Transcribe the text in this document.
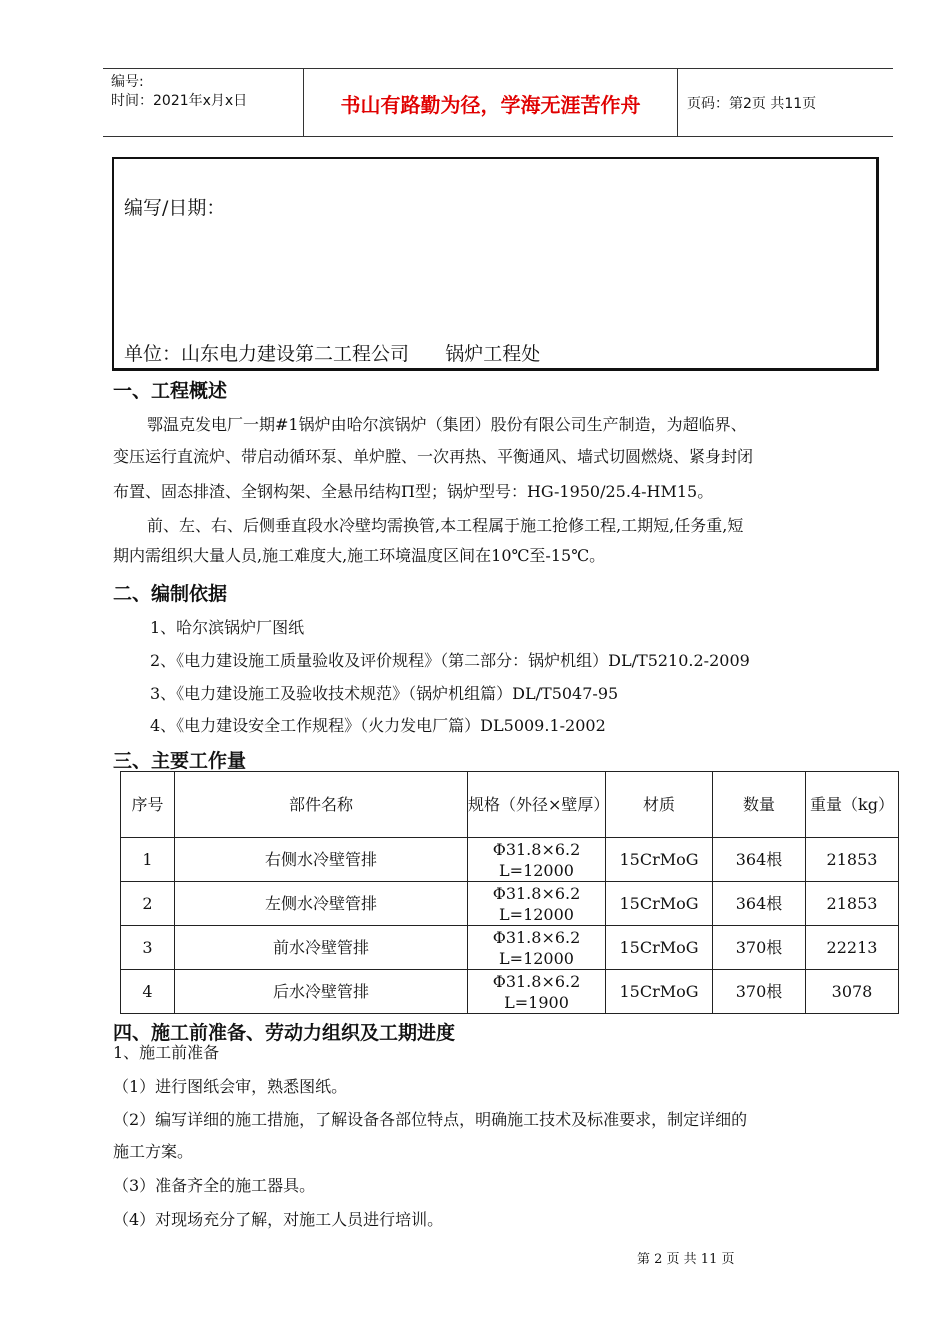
编号:
时间：2021年x月x日	书山有路勤为径，学海无涯苦作舟	页码：第2页 共11页
编写/日期：
单位：山东电力建设第二工程公司      锅炉工程处
一、工程概述
鄂温克发电厂一期#1锅炉由哈尔滨锅炉（集团）股份有限公司生产制造，为超临界、
变压运行直流炉、带启动循环泵、单炉膛、一次再热、平衡通风、墙式切圆燃烧、紧身封闭
布置、固态排渣、全钢构架、全悬吊结构Π型；锅炉型号：HG-1950/25.4-HM15。
前、左、右、后侧垂直段水冷壁均需换管,本工程属于施工抢修工程,工期短,任务重,短
期内需组织大量人员,施工难度大,施工环境温度区间在10℃至-15℃。
二、编制依据
1、哈尔滨锅炉厂图纸
2、《电力建设施工质量验收及评价规程》（第二部分：锅炉机组）DL/T5210.2-2009
3、《电力建设施工及验收技术规范》（锅炉机组篇）DL/T5047-95
4、《电力建设安全工作规程》（火力发电厂篇）DL5009.1-2002
三、主要工作量
序号	部件名称	规格（外径×壁厚）	材质	数量	重量（kg）
1	右侧水冷壁管排	Φ31.8×6.2
L=12000	15CrMoG	364根	21853
2	左侧水冷壁管排	Φ31.8×6.2
L=12000	15CrMoG	364根	21853
3	前水冷壁管排	Φ31.8×6.2
L=12000	15CrMoG	370根	22213
4	后水冷壁管排	Φ31.8×6.2
L=1900	15CrMoG	370根	3078
四、施工前准备、劳动力组织及工期进度
1、施工前准备
（1）进行图纸会审，熟悉图纸。
（2）编写详细的施工措施，了解设备各部位特点，明确施工技术及标准要求，制定详细的
施工方案。
（3）准备齐全的施工器具。
（4）对现场充分了解，对施工人员进行培训。
第 2 页 共 11 页
